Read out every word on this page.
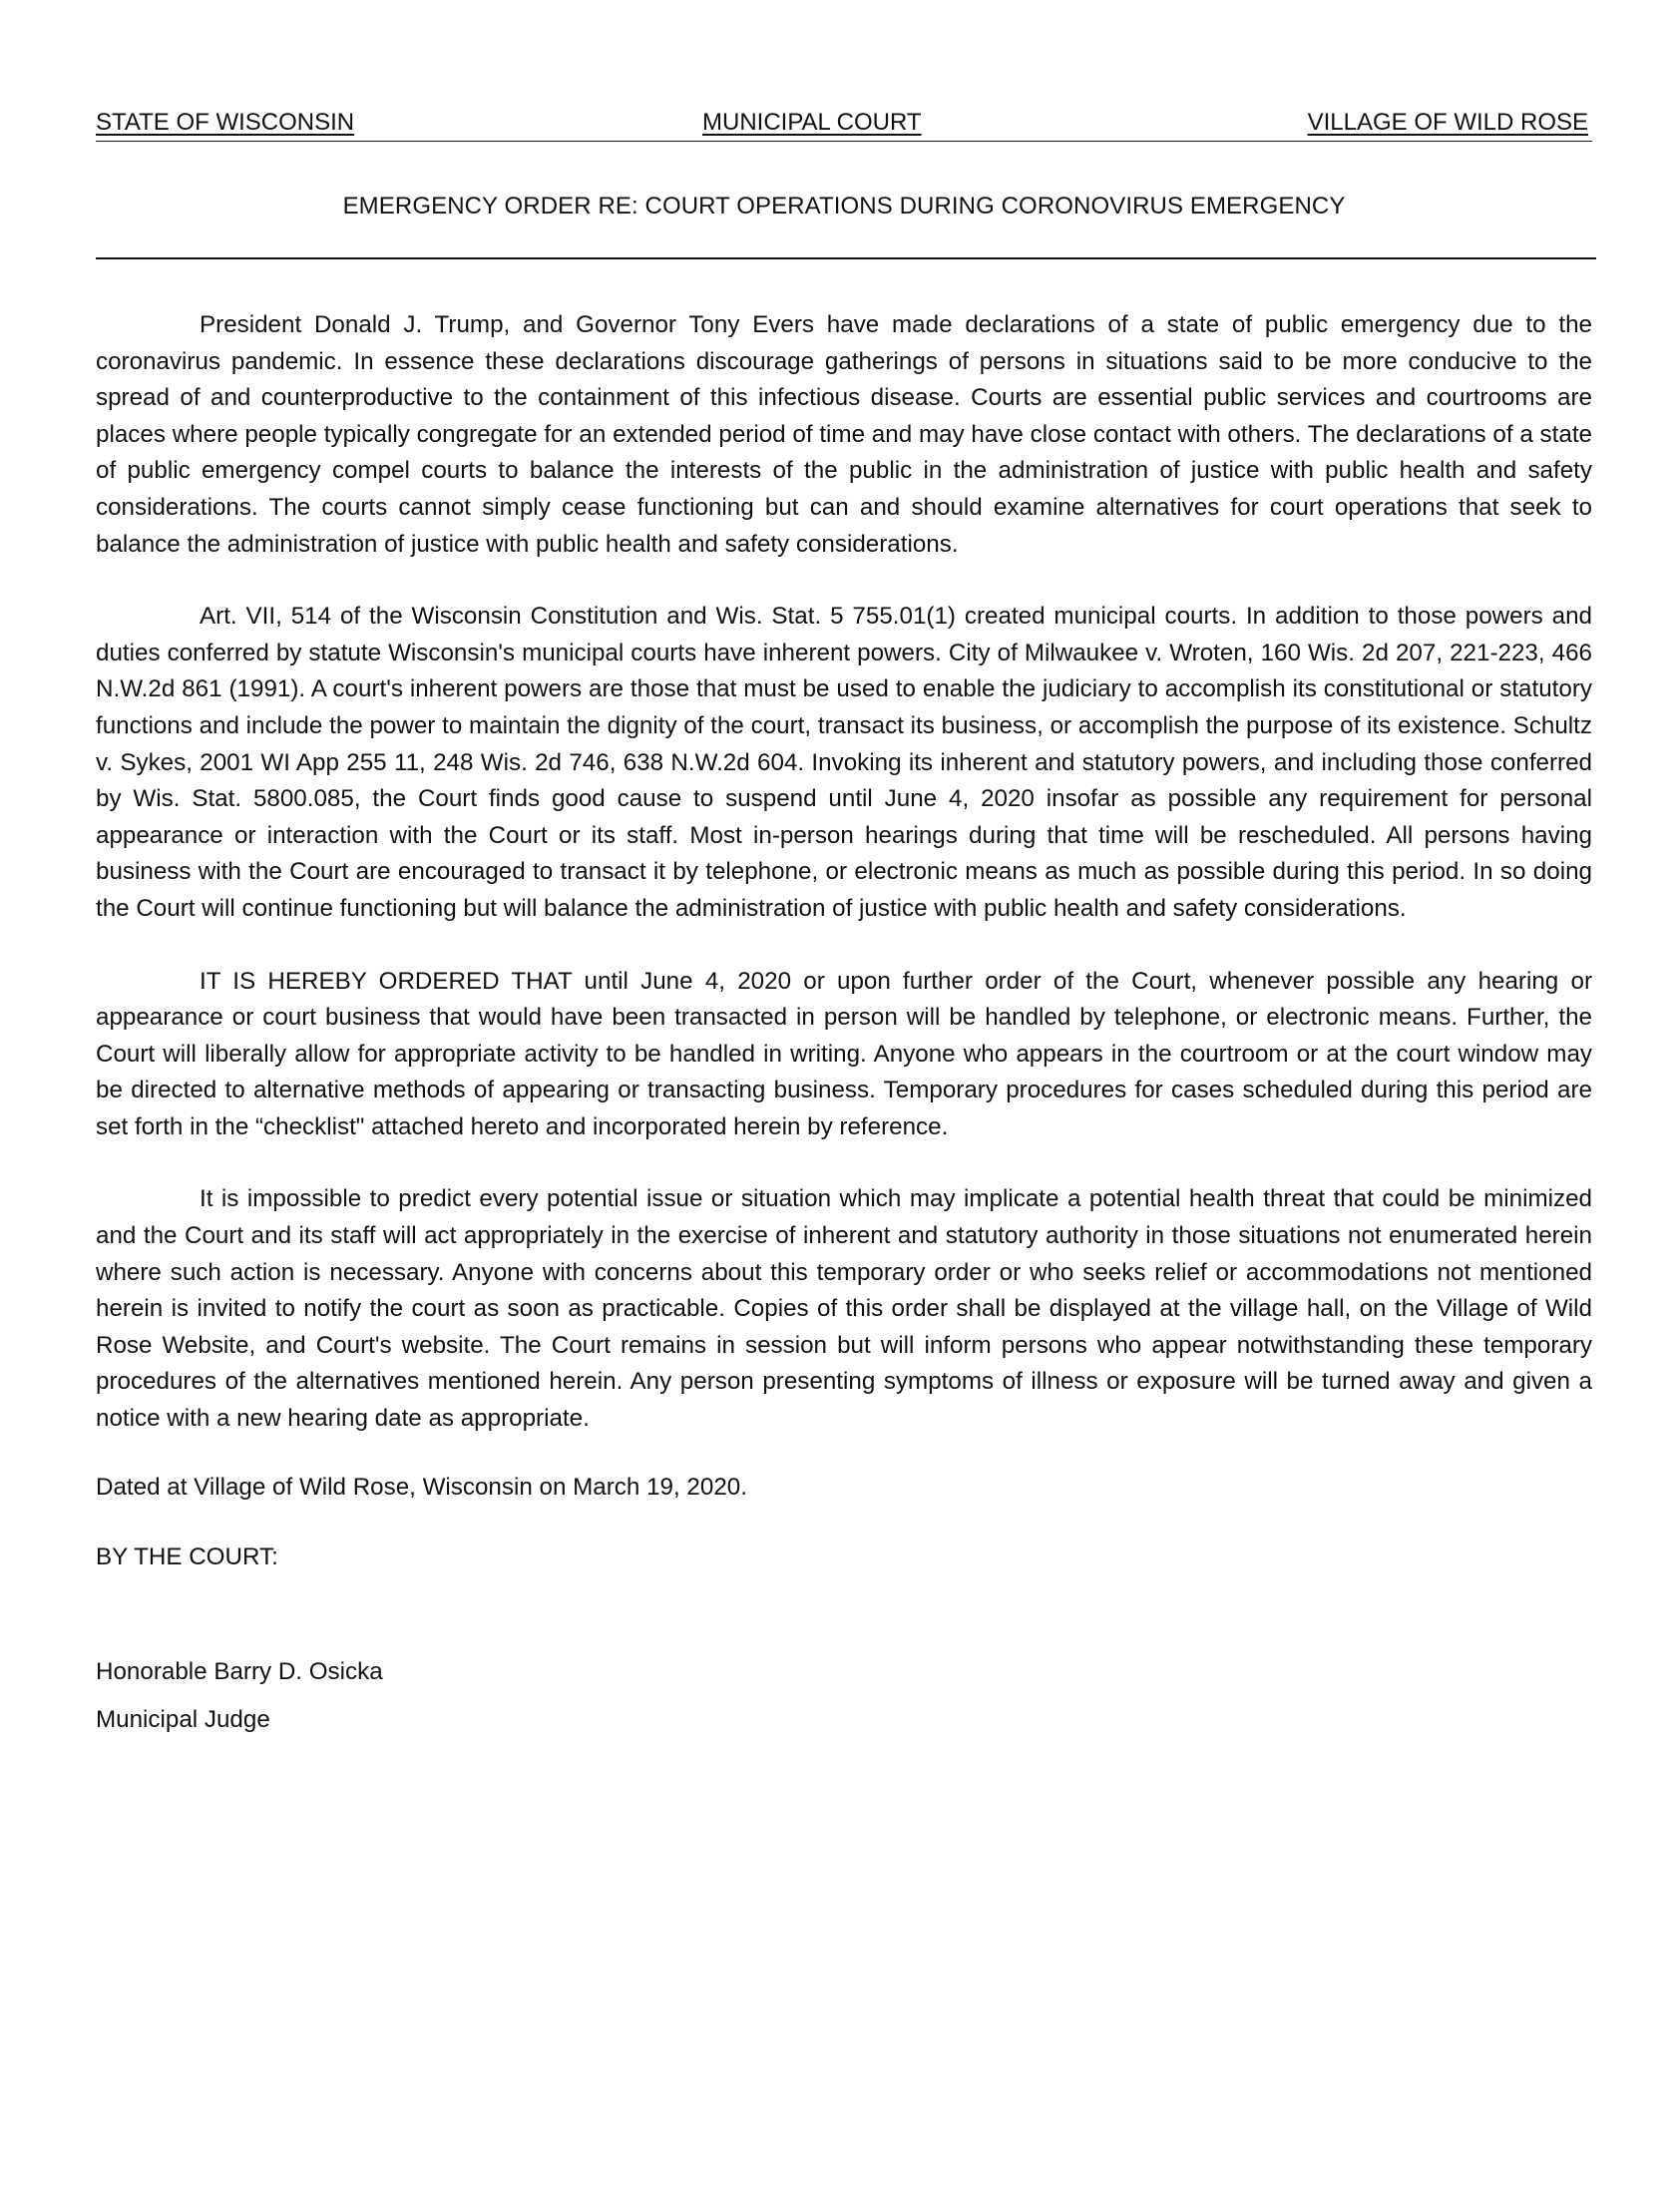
STATE OF WISCONSIN	MUNICIPAL COURT	VILLAGE OF WILD ROSE
EMERGENCY ORDER RE: COURT OPERATIONS DURING CORONOVIRUS EMERGENCY

President Donald J. Trump, and Governor Tony Evers have made declarations of a state of public emergency due to the coronavirus pandemic. In essence these declarations discourage gatherings of persons in situations said to be more conducive to the spread of and counterproductive to the containment of this infectious disease. Courts are essential public services and courtrooms are places where people typically congregate for an extended period of time and may have close contact with others. The declarations of a state of public emergency compel courts to balance the interests of the public in the administration of justice with public health and safety considerations. The courts cannot simply cease functioning but can and should examine alternatives for court operations that seek to balance the administration of justice with public health and safety considerations.

Art. VII, 514 of the Wisconsin Constitution and Wis. Stat. 5 755.01(1) created municipal courts. In addition to those powers and duties conferred by statute Wisconsin's municipal courts have inherent powers. City of Milwaukee v. Wroten, 160 Wis. 2d 207, 221-223, 466 N.W.2d 861 (1991). A court's inherent powers are those that must be used to enable the judiciary to accomplish its constitutional or statutory functions and include the power to maintain the dignity of the court, transact its business, or accomplish the purpose of its existence. Schultz v. Sykes, 2001 WI App 255 11, 248 Wis. 2d 746, 638 N.W.2d 604. Invoking its inherent and statutory powers, and including those conferred by Wis. Stat. 5800.085, the Court finds good cause to suspend until June 4, 2020 insofar as possible any requirement for personal appearance or interaction with the Court or its staff. Most in-person hearings during that time will be rescheduled. All persons having business with the Court are encouraged to transact it by telephone, or electronic means as much as possible during this period. In so doing the Court will continue functioning but will balance the administration of justice with public health and safety considerations.

IT IS HEREBY ORDERED THAT until June 4, 2020 or upon further order of the Court, whenever possible any hearing or appearance or court business that would have been transacted in person will be handled by telephone, or electronic means. Further, the Court will liberally allow for appropriate activity to be handled in writing. Anyone who appears in the courtroom or at the court window may be directed to alternative methods of appearing or transacting business. Temporary procedures for cases scheduled during this period are set forth in the “checklist" attached hereto and incorporated herein by reference.

It is impossible to predict every potential issue or situation which may implicate a potential health threat that could be minimized and the Court and its staff will act appropriately in the exercise of inherent and statutory authority in those situations not enumerated herein where such action is necessary. Anyone with concerns about this temporary order or who seeks relief or accommodations not mentioned herein is invited to notify the court as soon as practicable. Copies of this order shall be displayed at the village hall, on the Village of Wild Rose Website, and Court's website. The Court remains in session but will inform persons who appear notwithstanding these temporary procedures of the alternatives mentioned herein. Any person presenting symptoms of illness or exposure will be turned away and given a notice with a new hearing date as appropriate.

Dated at Village of Wild Rose, Wisconsin on March 19, 2020.

BY THE COURT:

Honorable Barry D. Osicka

Municipal Judge
